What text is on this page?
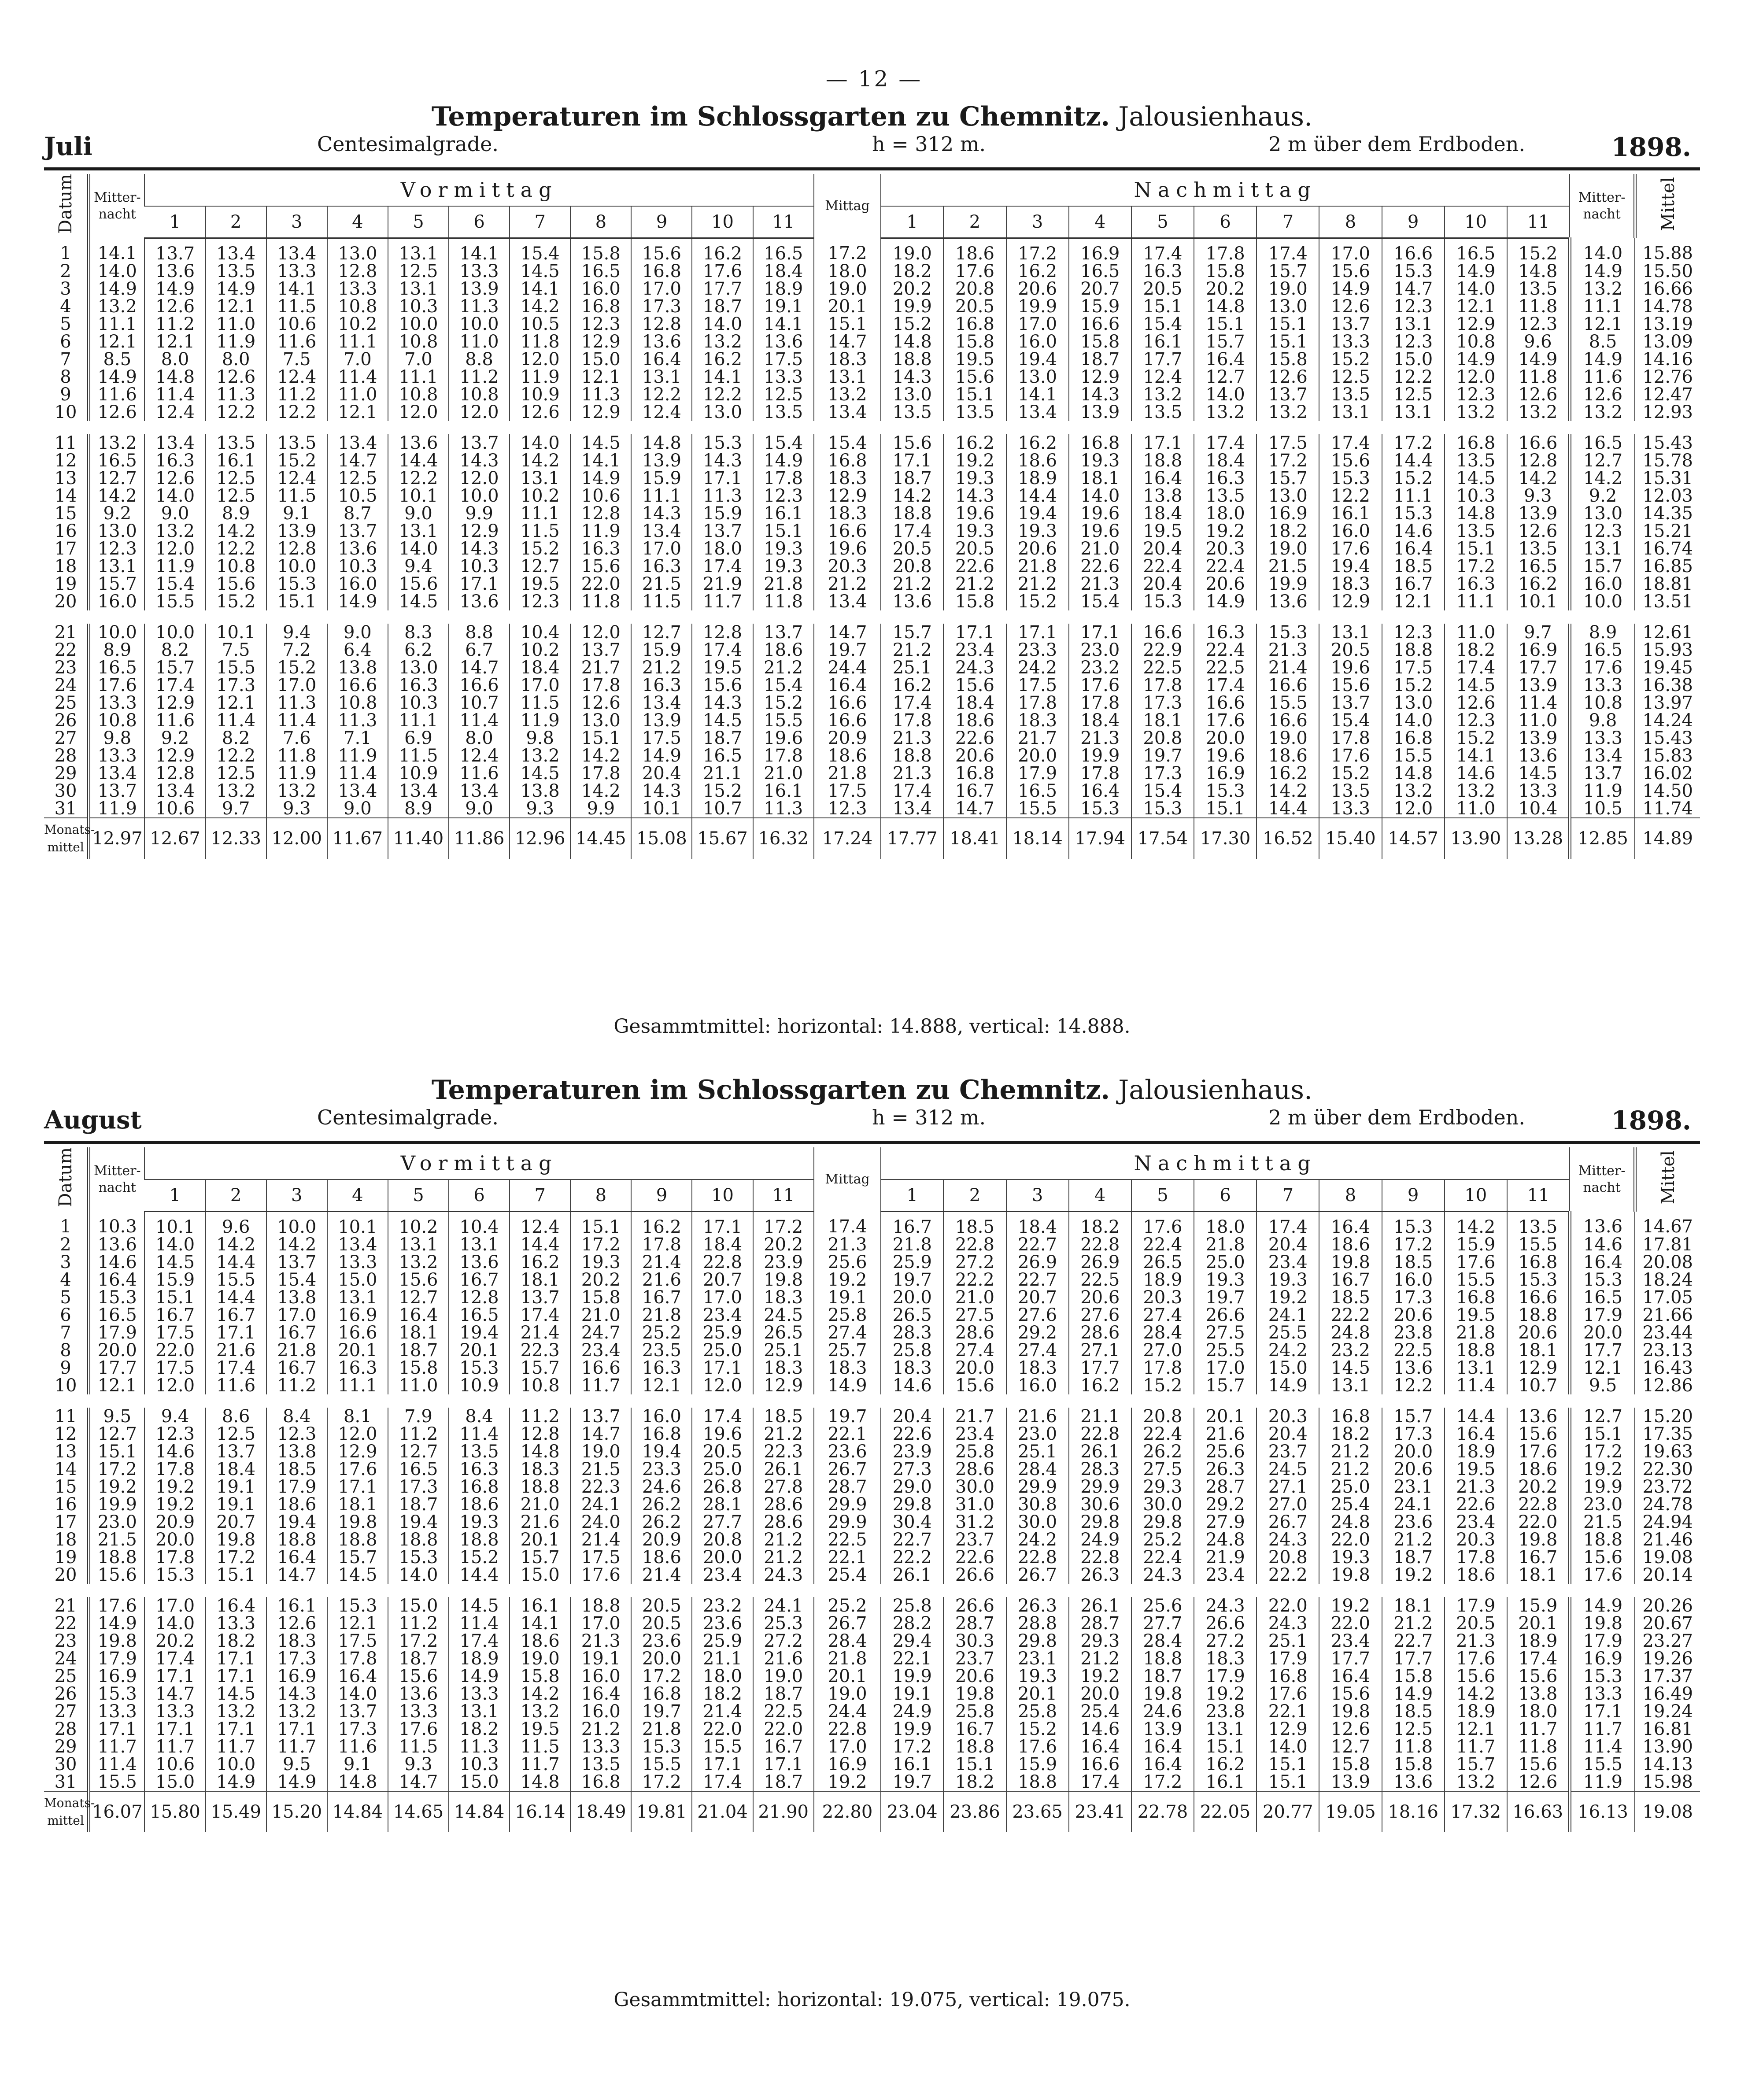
— 12 —
Temperaturen im Schlossgarten zu Chemnitz. Jalousienhaus.
Juli	Centesimalgrade.	h = 312 m.	2 m über dem Erdboden.	1898.
Datum	Mitter-nacht	Vormittag											Mittag	Nachmittag											Mitter-nacht	Mittel
		1	2	3	4	5	6	7	8	9	10	11		1	2	3	4	5	6	7	8	9	10	11		
1	14.1	13.7	13.4	13.4	13.0	13.1	14.1	15.4	15.8	15.6	16.2	16.5	17.2	19.0	18.6	17.2	16.9	17.4	17.8	17.4	17.0	16.6	16.5	15.2	14.0	15.88
2	14.0	13.6	13.5	13.3	12.8	12.5	13.3	14.5	16.5	16.8	17.6	18.4	18.0	18.2	17.6	16.2	16.5	16.3	15.8	15.7	15.6	15.3	14.9	14.8	14.9	15.50
3	14.9	14.9	14.9	14.1	13.3	13.1	13.9	14.1	16.0	17.0	17.7	18.9	19.0	20.2	20.8	20.6	20.7	20.5	20.2	19.0	14.9	14.7	14.0	13.5	13.2	16.66
4	13.2	12.6	12.1	11.5	10.8	10.3	11.3	14.2	16.8	17.3	18.7	19.1	20.1	19.9	20.5	19.9	15.9	15.1	14.8	13.0	12.6	12.3	12.1	11.8	11.1	14.78
5	11.1	11.2	11.0	10.6	10.2	10.0	10.0	10.5	12.3	12.8	14.0	14.1	15.1	15.2	16.8	17.0	16.6	15.4	15.1	15.1	13.7	13.1	12.9	12.3	12.1	13.19
6	12.1	12.1	11.9	11.6	11.1	10.8	11.0	11.8	12.9	13.6	13.2	13.6	14.7	14.8	15.8	16.0	15.8	16.1	15.7	15.1	13.3	12.3	10.8	9.6	8.5	13.09
7	8.5	8.0	8.0	7.5	7.0	7.0	8.8	12.0	15.0	16.4	16.2	17.5	18.3	18.8	19.5	19.4	18.7	17.7	16.4	15.8	15.2	15.0	14.9	14.9	14.9	14.16
8	14.9	14.8	12.6	12.4	11.4	11.1	11.2	11.9	12.1	13.1	14.1	13.3	13.1	14.3	15.6	13.0	12.9	12.4	12.7	12.6	12.5	12.2	12.0	11.8	11.6	12.76
9	11.6	11.4	11.3	11.2	11.0	10.8	10.8	10.9	11.3	12.2	12.2	12.5	13.2	13.0	15.1	14.1	14.3	13.2	14.0	13.7	13.5	12.5	12.3	12.6	12.6	12.47
10	12.6	12.4	12.2	12.2	12.1	12.0	12.0	12.6	12.9	12.4	13.0	13.5	13.4	13.5	13.5	13.4	13.9	13.5	13.2	13.2	13.1	13.1	13.2	13.2	13.2	12.93

11	13.2	13.4	13.5	13.5	13.4	13.6	13.7	14.0	14.5	14.8	15.3	15.4	15.4	15.6	16.2	16.2	16.8	17.1	17.4	17.5	17.4	17.2	16.8	16.6	16.5	15.43
12	16.5	16.3	16.1	15.2	14.7	14.4	14.3	14.2	14.1	13.9	14.3	14.9	16.8	17.1	19.2	18.6	19.3	18.8	18.4	17.2	15.6	14.4	13.5	12.8	12.7	15.78
13	12.7	12.6	12.5	12.4	12.5	12.2	12.0	13.1	14.9	15.9	17.1	17.8	18.3	18.7	19.3	18.9	18.1	16.4	16.3	15.7	15.3	15.2	14.5	14.2	14.2	15.31
14	14.2	14.0	12.5	11.5	10.5	10.1	10.0	10.2	10.6	11.1	11.3	12.3	12.9	14.2	14.3	14.4	14.0	13.8	13.5	13.0	12.2	11.1	10.3	9.3	9.2	12.03
15	9.2	9.0	8.9	9.1	8.7	9.0	9.9	11.1	12.8	14.3	15.9	16.1	18.3	18.8	19.6	19.4	19.6	18.4	18.0	16.9	16.1	15.3	14.8	13.9	13.0	14.35
16	13.0	13.2	14.2	13.9	13.7	13.1	12.9	11.5	11.9	13.4	13.7	15.1	16.6	17.4	19.3	19.3	19.6	19.5	19.2	18.2	16.0	14.6	13.5	12.6	12.3	15.21
17	12.3	12.0	12.2	12.8	13.6	14.0	14.3	15.2	16.3	17.0	18.0	19.3	19.6	20.5	20.5	20.6	21.0	20.4	20.3	19.0	17.6	16.4	15.1	13.5	13.1	16.74
18	13.1	11.9	10.8	10.0	10.3	9.4	10.3	12.7	15.6	16.3	17.4	19.3	20.3	20.8	22.6	21.8	22.6	22.4	22.4	21.5	19.4	18.5	17.2	16.5	15.7	16.85
19	15.7	15.4	15.6	15.3	16.0	15.6	17.1	19.5	22.0	21.5	21.9	21.8	21.2	21.2	21.2	21.2	21.3	20.4	20.6	19.9	18.3	16.7	16.3	16.2	16.0	18.81
20	16.0	15.5	15.2	15.1	14.9	14.5	13.6	12.3	11.8	11.5	11.7	11.8	13.4	13.6	15.8	15.2	15.4	15.3	14.9	13.6	12.9	12.1	11.1	10.1	10.0	13.51

21	10.0	10.0	10.1	9.4	9.0	8.3	8.8	10.4	12.0	12.7	12.8	13.7	14.7	15.7	17.1	17.1	17.1	16.6	16.3	15.3	13.1	12.3	11.0	9.7	8.9	12.61
22	8.9	8.2	7.5	7.2	6.4	6.2	6.7	10.2	13.7	15.9	17.4	18.6	19.7	21.2	23.4	23.3	23.0	22.9	22.4	21.3	20.5	18.8	18.2	16.9	16.5	15.93
23	16.5	15.7	15.5	15.2	13.8	13.0	14.7	18.4	21.7	21.2	19.5	21.2	24.4	25.1	24.3	24.2	23.2	22.5	22.5	21.4	19.6	17.5	17.4	17.7	17.6	19.45
24	17.6	17.4	17.3	17.0	16.6	16.3	16.6	17.0	17.8	16.3	15.6	15.4	16.4	16.2	15.6	17.5	17.6	17.8	17.4	16.6	15.6	15.2	14.5	13.9	13.3	16.38
25	13.3	12.9	12.1	11.3	10.8	10.3	10.7	11.5	12.6	13.4	14.3	15.2	16.6	17.4	18.4	17.8	17.8	17.3	16.6	15.5	13.7	13.0	12.6	11.4	10.8	13.97
26	10.8	11.6	11.4	11.4	11.3	11.1	11.4	11.9	13.0	13.9	14.5	15.5	16.6	17.8	18.6	18.3	18.4	18.1	17.6	16.6	15.4	14.0	12.3	11.0	9.8	14.24
27	9.8	9.2	8.2	7.6	7.1	6.9	8.0	9.8	15.1	17.5	18.7	19.6	20.9	21.3	22.6	21.7	21.3	20.8	20.0	19.0	17.8	16.8	15.2	13.9	13.3	15.43
28	13.3	12.9	12.2	11.8	11.9	11.5	12.4	13.2	14.2	14.9	16.5	17.8	18.6	18.8	20.6	20.0	19.9	19.7	19.6	18.6	17.6	15.5	14.1	13.6	13.4	15.83
29	13.4	12.8	12.5	11.9	11.4	10.9	11.6	14.5	17.8	20.4	21.1	21.0	21.8	21.3	16.8	17.9	17.8	17.3	16.9	16.2	15.2	14.8	14.6	14.5	13.7	16.02
30	13.7	13.4	13.2	13.2	13.4	13.4	13.4	13.8	14.2	14.3	15.2	16.1	17.5	17.4	16.7	16.5	16.4	15.4	15.3	14.2	13.5	13.2	13.2	13.3	11.9	14.50
31	11.9	10.6	9.7	9.3	9.0	8.9	9.0	9.3	9.9	10.1	10.7	11.3	12.3	13.4	14.7	15.5	15.3	15.3	15.1	14.4	13.3	12.0	11.0	10.4	10.5	11.74
Monats-mittel	12.97	12.67	12.33	12.00	11.67	11.40	11.86	12.96	14.45	15.08	15.67	16.32	17.24	17.77	18.41	18.14	17.94	17.54	17.30	16.52	15.40	14.57	13.90	13.28	12.85	14.89
Gesammtmittel: horizontal: 14.888, vertical: 14.888.
Temperaturen im Schlossgarten zu Chemnitz. Jalousienhaus.
August	Centesimalgrade.	h = 312 m.	2 m über dem Erdboden.	1898.
Datum	Mitter-nacht	Vormittag											Mittag	Nachmittag											Mitter-nacht	Mittel
		1	2	3	4	5	6	7	8	9	10	11		1	2	3	4	5	6	7	8	9	10	11		
1	10.3	10.1	9.6	10.0	10.1	10.2	10.4	12.4	15.1	16.2	17.1	17.2	17.4	16.7	18.5	18.4	18.2	17.6	18.0	17.4	16.4	15.3	14.2	13.5	13.6	14.67
2	13.6	14.0	14.2	14.2	13.4	13.1	13.1	14.4	17.2	17.8	18.4	20.2	21.3	21.8	22.8	22.7	22.8	22.4	21.8	20.4	18.6	17.2	15.9	15.5	14.6	17.81
3	14.6	14.5	14.4	13.7	13.3	13.2	13.6	16.2	19.3	21.4	22.8	23.9	25.6	25.9	27.2	26.9	26.9	26.5	25.0	23.4	19.8	18.5	17.6	16.8	16.4	20.08
4	16.4	15.9	15.5	15.4	15.0	15.6	16.7	18.1	20.2	21.6	20.7	19.8	19.2	19.7	22.2	22.7	22.5	18.9	19.3	19.3	16.7	16.0	15.5	15.3	15.3	18.24
5	15.3	15.1	14.4	13.8	13.1	12.7	12.8	13.7	15.8	16.7	17.0	18.3	19.1	20.0	21.0	20.7	20.6	20.3	19.7	19.2	18.5	17.3	16.8	16.6	16.5	17.05
6	16.5	16.7	16.7	17.0	16.9	16.4	16.5	17.4	21.0	21.8	23.4	24.5	25.8	26.5	27.5	27.6	27.6	27.4	26.6	24.1	22.2	20.6	19.5	18.8	17.9	21.66
7	17.9	17.5	17.1	16.7	16.6	18.1	19.4	21.4	24.7	25.2	25.9	26.5	27.4	28.3	28.6	29.2	28.6	28.4	27.5	25.5	24.8	23.8	21.8	20.6	20.0	23.44
8	20.0	22.0	21.6	21.8	20.1	18.7	20.1	22.3	23.4	23.5	25.0	25.1	25.7	25.8	27.4	27.4	27.1	27.0	25.5	24.2	23.2	22.5	18.8	18.1	17.7	23.13
9	17.7	17.5	17.4	16.7	16.3	15.8	15.3	15.7	16.6	16.3	17.1	18.3	18.3	18.3	20.0	18.3	17.7	17.8	17.0	15.0	14.5	13.6	13.1	12.9	12.1	16.43
10	12.1	12.0	11.6	11.2	11.1	11.0	10.9	10.8	11.7	12.1	12.0	12.9	14.9	14.6	15.6	16.0	16.2	15.2	15.7	14.9	13.1	12.2	11.4	10.7	9.5	12.86

11	9.5	9.4	8.6	8.4	8.1	7.9	8.4	11.2	13.7	16.0	17.4	18.5	19.7	20.4	21.7	21.6	21.1	20.8	20.1	20.3	16.8	15.7	14.4	13.6	12.7	15.20
12	12.7	12.3	12.5	12.3	12.0	11.2	11.4	12.8	14.7	16.8	19.6	21.2	22.1	22.6	23.4	23.0	22.8	22.4	21.6	20.4	18.2	17.3	16.4	15.6	15.1	17.35
13	15.1	14.6	13.7	13.8	12.9	12.7	13.5	14.8	19.0	19.4	20.5	22.3	23.6	23.9	25.8	25.1	26.1	26.2	25.6	23.7	21.2	20.0	18.9	17.6	17.2	19.63
14	17.2	17.8	18.4	18.5	17.6	16.5	16.3	18.3	21.5	23.3	25.0	26.1	26.7	27.3	28.6	28.4	28.3	27.5	26.3	24.5	21.2	20.6	19.5	18.6	19.2	22.30
15	19.2	19.2	19.1	17.9	17.1	17.3	16.8	18.8	22.3	24.6	26.8	27.8	28.7	29.0	30.0	29.9	29.9	29.3	28.7	27.1	25.0	23.1	21.3	20.2	19.9	23.72
16	19.9	19.2	19.1	18.6	18.1	18.7	18.6	21.0	24.1	26.2	28.1	28.6	29.9	29.8	31.0	30.8	30.6	30.0	29.2	27.0	25.4	24.1	22.6	22.8	23.0	24.78
17	23.0	20.9	20.7	19.4	19.8	19.4	19.3	21.6	24.0	26.2	27.7	28.6	29.9	30.4	31.2	30.0	29.8	29.8	27.9	26.7	24.8	23.6	23.4	22.0	21.5	24.94
18	21.5	20.0	19.8	18.8	18.8	18.8	18.8	20.1	21.4	20.9	20.8	21.2	22.5	22.7	23.7	24.2	24.9	25.2	24.8	24.3	22.0	21.2	20.3	19.8	18.8	21.46
19	18.8	17.8	17.2	16.4	15.7	15.3	15.2	15.7	17.5	18.6	20.0	21.2	22.1	22.2	22.6	22.8	22.8	22.4	21.9	20.8	19.3	18.7	17.8	16.7	15.6	19.08
20	15.6	15.3	15.1	14.7	14.5	14.0	14.4	15.0	17.6	21.4	23.4	24.3	25.4	26.1	26.6	26.7	26.3	24.3	23.4	22.2	19.8	19.2	18.6	18.1	17.6	20.14

21	17.6	17.0	16.4	16.1	15.3	15.0	14.5	16.1	18.8	20.5	23.2	24.1	25.2	25.8	26.6	26.3	26.1	25.6	24.3	22.0	19.2	18.1	17.9	15.9	14.9	20.26
22	14.9	14.0	13.3	12.6	12.1	11.2	11.4	14.1	17.0	20.5	23.6	25.3	26.7	28.2	28.7	28.8	28.7	27.7	26.6	24.3	22.0	21.2	20.5	20.1	19.8	20.67
23	19.8	20.2	18.2	18.3	17.5	17.2	17.4	18.6	21.3	23.6	25.9	27.2	28.4	29.4	30.3	29.8	29.3	28.4	27.2	25.1	23.4	22.7	21.3	18.9	17.9	23.27
24	17.9	17.4	17.1	17.3	17.8	18.7	18.9	19.0	19.1	20.0	21.1	21.6	21.8	22.1	23.7	23.1	21.2	18.8	18.3	17.9	17.7	17.7	17.6	17.4	16.9	19.26
25	16.9	17.1	17.1	16.9	16.4	15.6	14.9	15.8	16.0	17.2	18.0	19.0	20.1	19.9	20.6	19.3	19.2	18.7	17.9	16.8	16.4	15.8	15.6	15.6	15.3	17.37
26	15.3	14.7	14.5	14.3	14.0	13.6	13.3	14.2	16.4	16.8	18.2	18.7	19.0	19.1	19.8	20.1	20.0	19.8	19.2	17.6	15.6	14.9	14.2	13.8	13.3	16.49
27	13.3	13.3	13.2	13.2	13.7	13.3	13.1	13.2	16.0	19.7	21.4	22.5	24.4	24.9	25.8	25.8	25.4	24.6	23.8	22.1	19.8	18.5	18.9	18.0	17.1	19.24
28	17.1	17.1	17.1	17.1	17.3	17.6	18.2	19.5	21.2	21.8	22.0	22.0	22.8	19.9	16.7	15.2	14.6	13.9	13.1	12.9	12.6	12.5	12.1	11.7	11.7	16.81
29	11.7	11.7	11.7	11.7	11.6	11.5	11.3	11.5	13.3	15.3	15.5	16.7	17.0	17.2	18.8	17.6	16.4	16.4	15.1	14.0	12.7	11.8	11.7	11.8	11.4	13.90
30	11.4	10.6	10.0	9.5	9.1	9.3	10.3	11.7	13.5	15.5	17.1	17.1	16.9	16.1	15.1	15.9	16.6	16.4	16.2	15.1	15.8	15.8	15.7	15.6	15.5	14.13
31	15.5	15.0	14.9	14.9	14.8	14.7	15.0	14.8	16.8	17.2	17.4	18.7	19.2	19.7	18.2	18.8	17.4	17.2	16.1	15.1	13.9	13.6	13.2	12.6	11.9	15.98
Monats-mittel	16.07	15.80	15.49	15.20	14.84	14.65	14.84	16.14	18.49	19.81	21.04	21.90	22.80	23.04	23.86	23.65	23.41	22.78	22.05	20.77	19.05	18.16	17.32	16.63	16.13	19.08
Gesammtmittel: horizontal: 19.075, vertical: 19.075.
